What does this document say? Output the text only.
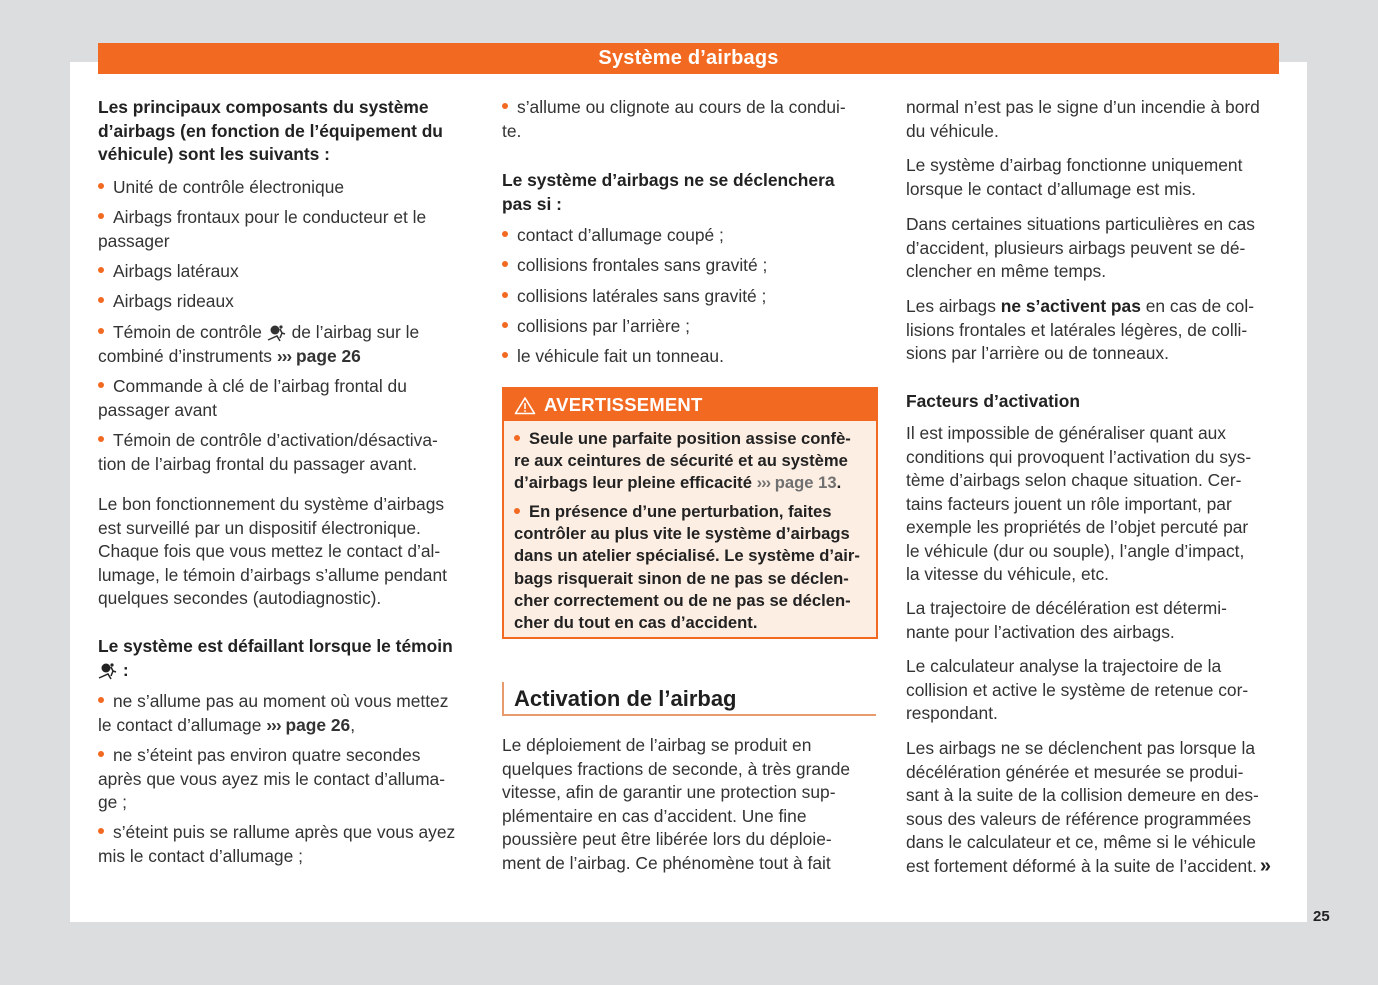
Système d’airbags
Les principaux composants du système
d’airbags (en fonction de l’équipement du
véhicule) sont les suivants :
Unité de contrôle électronique
Airbags frontaux pour le conducteur et le
passager
Airbags latéraux
Airbags rideaux
Témoin de contrôle de l’airbag sur le
combiné d’instruments ››› page 26
Commande à clé de l’airbag frontal du
passager avant
Témoin de contrôle d’activation/désactiva-
tion de l’airbag frontal du passager avant.
Le bon fonctionnement du système d’airbags
est surveillé par un dispositif électronique.
Chaque fois que vous mettez le contact d’al-
lumage, le témoin d’airbags s’allume pendant
quelques secondes (autodiagnostic).
Le système est défaillant lorsque le témoin
:
ne s’allume pas au moment où vous mettez
le contact d’allumage ››› page 26,
ne s’éteint pas environ quatre secondes
après que vous ayez mis le contact d’alluma-
ge ;
s’éteint puis se rallume après que vous ayez
mis le contact d’allumage ;
s’allume ou clignote au cours de la condui-
te.
Le système d’airbags ne se déclenchera
pas si :
contact d’allumage coupé ;
collisions frontales sans gravité ;
collisions latérales sans gravité ;
collisions par l’arrière ;
le véhicule fait un tonneau.
AVERTISSEMENT
Seule une parfaite position assise confè-
re aux ceintures de sécurité et au système
d’airbags leur pleine efficacité ››› page 13.
En présence d’une perturbation, faites
contrôler au plus vite le système d’airbags
dans un atelier spécialisé. Le système d’air-
bags risquerait sinon de ne pas se déclen-
cher correctement ou de ne pas se déclen-
cher du tout en cas d’accident.
Activation de l’airbag
Le déploiement de l’airbag se produit en
quelques fractions de seconde, à très grande
vitesse, afin de garantir une protection sup-
plémentaire en cas d’accident. Une fine
poussière peut être libérée lors du déploie-
ment de l’airbag. Ce phénomène tout à fait
normal n’est pas le signe d’un incendie à bord
du véhicule.
Le système d’airbag fonctionne uniquement
lorsque le contact d’allumage est mis.
Dans certaines situations particulières en cas
d’accident, plusieurs airbags peuvent se dé-
clencher en même temps.
Les airbags ne s’activent pas en cas de col-
lisions frontales et latérales légères, de colli-
sions par l’arrière ou de tonneaux.
Facteurs d’activation
Il est impossible de généraliser quant aux
conditions qui provoquent l’activation du sys-
tème d’airbags selon chaque situation. Cer-
tains facteurs jouent un rôle important, par
exemple les propriétés de l’objet percuté par
le véhicule (dur ou souple), l’angle d’impact,
la vitesse du véhicule, etc.
La trajectoire de décélération est détermi-
nante pour l’activation des airbags.
Le calculateur analyse la trajectoire de la
collision et active le système de retenue cor-
respondant.
Les airbags ne se déclenchent pas lorsque la
décélération générée et mesurée se produi-
sant à la suite de la collision demeure en des-
sous des valeurs de référence programmées
dans le calculateur et ce, même si le véhicule
est fortement déformé à la suite de l’accident. »
25
